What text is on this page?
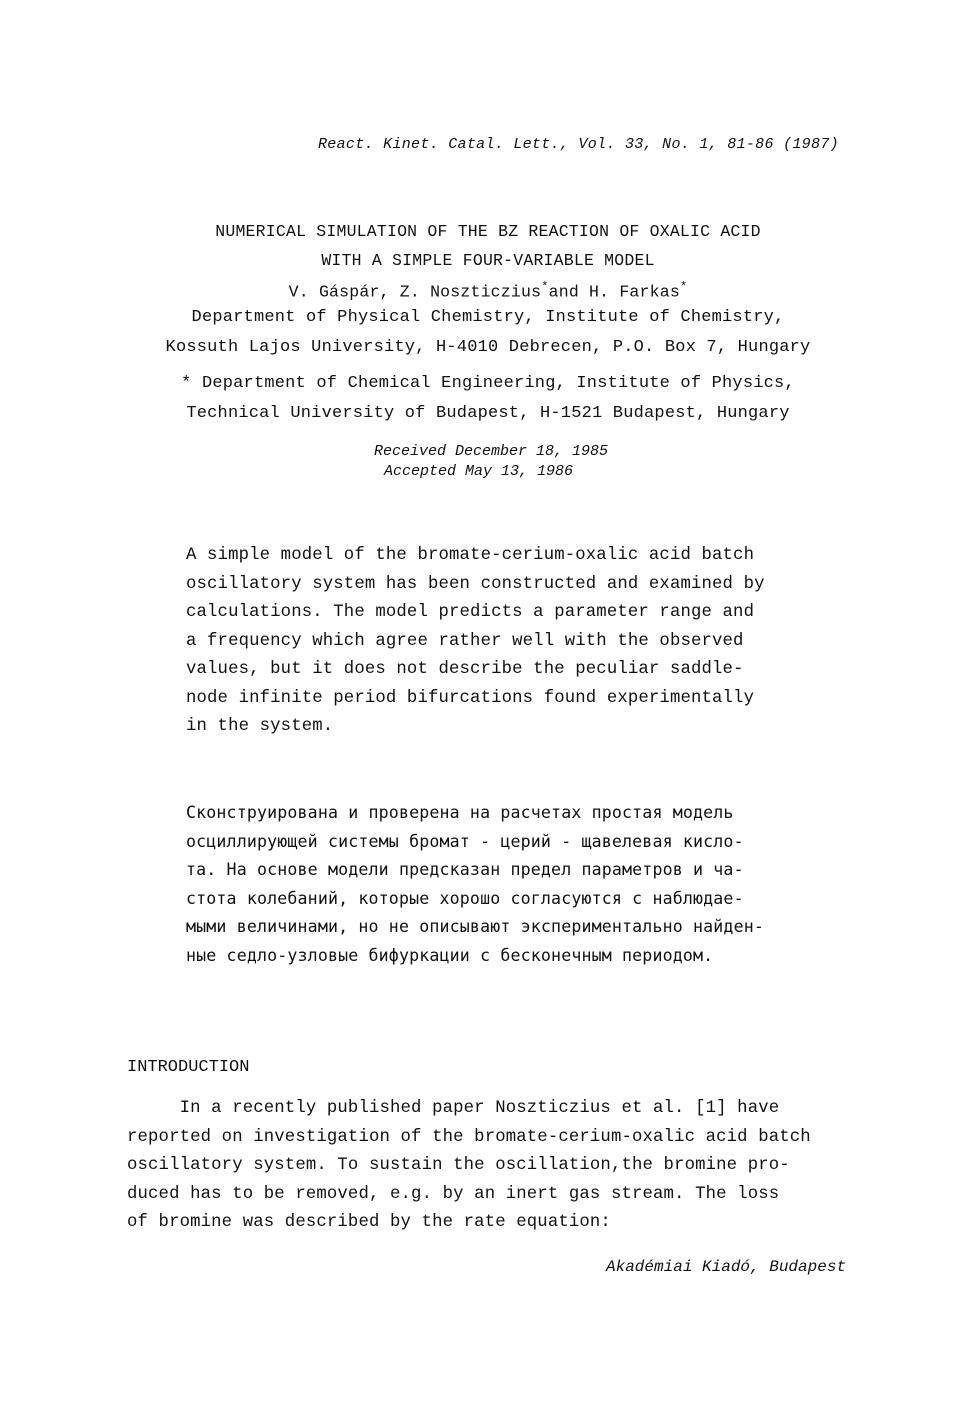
React. Kinet. Catal. Lett., Vol. 33, No. 1, 81-86 (1987)
NUMERICAL SIMULATION OF THE BZ REACTION OF OXALIC ACID
WITH A SIMPLE FOUR-VARIABLE MODEL
V. Gáspár, Z. Noszticzius*and H. Farkas*
Department of Physical Chemistry, Institute of Chemistry,
Kossuth Lajos University, H-4010 Debrecen, P.O. Box 7, Hungary
* Department of Chemical Engineering, Institute of Physics,
Technical University of Budapest, H-1521 Budapest, Hungary
Received December 18, 1985
Accepted May 13, 1986
A simple model of the bromate-cerium-oxalic acid batch
oscillatory system has been constructed and examined by
calculations. The model predicts a parameter range and
a frequency which agree rather well with the observed
values, but it does not describe the peculiar saddle-
node infinite period bifurcations found experimentally
in the system.
Сконструирована и проверена на расчетах простая модель
осциллирующей системы бромат - церий - щавелевая кисло-
та. На основе модели предсказан предел параметров и ча-
стота колебаний, которые хорошо согласуются с наблюдае-
мыми величинами, но не описывают экспериментально найден-
ные седло-узловые бифуркации с бесконечным периодом.
INTRODUCTION
In a recently published paper Noszticzius et al. [1] have
reported on investigation of the bromate-cerium-oxalic acid batch
oscillatory system. To sustain the oscillation,the bromine pro-
duced has to be removed, e.g. by an inert gas stream. The loss
of bromine was described by the rate equation:
Akadémiai Kiadó, Budapest
